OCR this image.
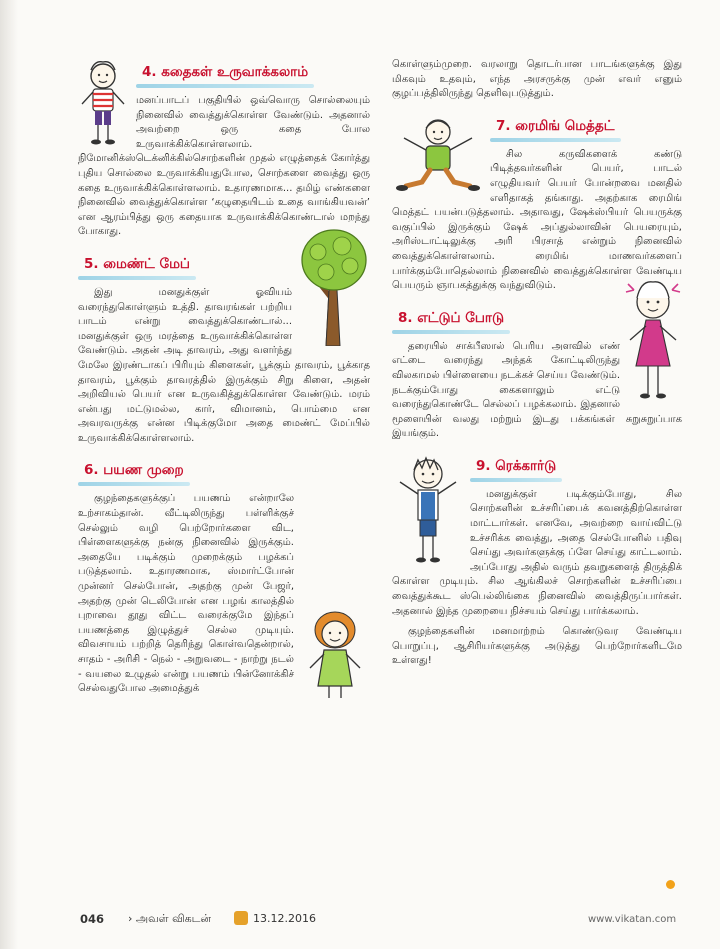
4. கதைகள் உருவாக்கலாம்

மனப்பாடப் பகுதியில் ஒவ்வொரு சொல்லையும் நினைவில் வைத்துக்கொள்ள வேண்டும். அதனால் அவற்றை ஒரு கதை போல உருவாக்கிக்கொள்ளலாம். நிமோனிக்ஸ்டெக்னிக்கில்சொற்களின் முதல் எழுத்தைக் கோர்த்து புதிய சொல்லை உருவாக்கியதுபோல, சொற்களை வைத்து ஒரு கதை உருவாக்கிக்கொள்ளலாம். உதாரணமாக... தமிழ் எண்களை நினைவில் வைத்துக்கொள்ள ‘கழுதையிடம் உதை வாங்கியவன்’ என ஆரம்பித்து ஒரு கதையாக உருவாக்கிக்கொண்டால் மறந்து போகாது.

5. மைண்ட் மேப்

இது மனதுக்குள் ஓவியம் வரைந்துகொள்ளும் உத்தி. தாவரங்கள் பற்றிய பாடம் என்று வைத்துக்கொண்டால்... மனதுக்குள் ஒரு மரத்தை உருவாக்கிக்கொள்ள வேண்டும். அதன் அடி தாவரம், அது வளர்ந்து மேலே இரண்டாகப் பிரியும் கிளைகள், பூக்கும் தாவரம், பூக்காத தாவரம், பூக்கும் தாவரத்தில் இருக்கும் சிறு கிளை, அதன் அறிவியல் பெயர் என உருவகித்துக்கொள்ள வேண்டும். மரம் என்பது மட்டுமல்ல, கார், விமானம், பொம்மை என அவரவருக்கு என்ன பிடிக்குமோ அதை மைண்ட் மேப்பில் உருவாக்கிக்கொள்ளலாம்.

6. பயண முறை

குழந்தைகளுக்குப் பயணம் என்றாலே உற்சாகம்தான். வீட்டிலிருந்து பள்ளிக்குச் செல்லும் வழி பெற்றோர்களை விட, பிள்ளைகளுக்கு நன்கு நினைவில் இருக்கும். அதையே படிக்கும் முறைக்கும் பழக்கப் படுத்தலாம். உதாரணமாக, ஸ்மார்ட்போன் முன்னர் செல்போன், அதற்கு முன் பேஜர், அதற்கு முன் டெலிபோன் என பழங் காலத்தில் புறாவை தூது விட்ட வரைக்குமே இந்தப் பயணத்தை இழுத்துச் செல்ல முடியும். விவசாயம் பற்றித் தெரிந்து கொள்வதென்றால், சாதம் - அரிசி - நெல் - அறுவடை - நாற்று நடல் - வயலை உழுதல் என்று பயணம் பின்னோக்கிச் செல்வதுபோல அமைத்துக்

கொள்ளும்முறை. வரலாறு தொடர்பான பாடங்களுக்கு இது மிகவும் உதவும், எந்த அரசருக்கு முன் எவர் எனும் குழப்பத்திலிருந்து தெளிவுபடுத்தும்.

7. ரைமிங் மெத்தட்

சில கருவிகளைக் கண்டு பிடித்தவர்களின் பெயர், பாடல் எழுதியவர் பெயர் போன்றவை மனதில் எளிதாகத் தங்காது. அதற்காக ரைமிங் மெத்தட் பயன்படுத்தலாம். அதாவது, ஷேக்ஸ்பியர் பெயருக்கு வகுப்பில் இருக்கும் ஷேக் அப்துல்லாவின் பெயரையும், அரிஸ்டாட்டிலுக்கு அரி பிரசாத் என்றும் நினைவில் வைத்துக்கொள்ளலாம். ரைமிங் மாணவர்களைப் பார்க்கும்போதெல்லாம் நினைவில் வைத்துக்கொள்ள வேண்டிய பெயரும் ஞாபகத்துக்கு வந்துவிடும்.

8. எட்டுப் போடு

தரையில் சாக்பீஸால் பெரிய அளவில் எண் எட்டை வரைந்து அந்தக் கோட்டிலிருந்து விலகாமல் பிள்ளையை நடக்கச் செய்ய வேண்டும். நடக்கும்போது கைகளாலும் எட்டு வரைந்துகொண்டே செல்லப் பழக்கலாம். இதனால் மூளையின் வலது மற்றும் இடது பக்கங்கள் சுறுசுறுப்பாக இயங்கும்.

9. ரெக்கார்டு

மனதுக்குள் படிக்கும்போது, சில சொற்களின் உச்சரிப்பைக் கவனத்திற்கொள்ள மாட்டார்கள். எனவே, அவற்றை வாய்விட்டு உச்சரிக்க வைத்து, அதை செல்போனில் பதிவு செய்து அவர்களுக்கு ப்ளே செய்து காட்டலாம். அப்போது அதில் வரும் தவறுகளைத் திருத்திக் கொள்ள முடியும். சில ஆங்கிலச் சொற்களின் உச்சரிப்பை வைத்துக்கூட ஸ்பெல்லிங்கை நினைவில் வைத்திருப்பார்கள். அதனால் இந்த முறையை நிச்சயம் செய்து பார்க்கலாம்.

குழந்தைகளின் மனமாற்றம் கொண்டுவர வேண்டிய பொறுப்பு, ஆசிரியர்களுக்கு அடுத்து பெற்றோர்களிடமே உள்ளது!

046 › அவள் விகடன்	13.12.2016	www.vikatan.com
